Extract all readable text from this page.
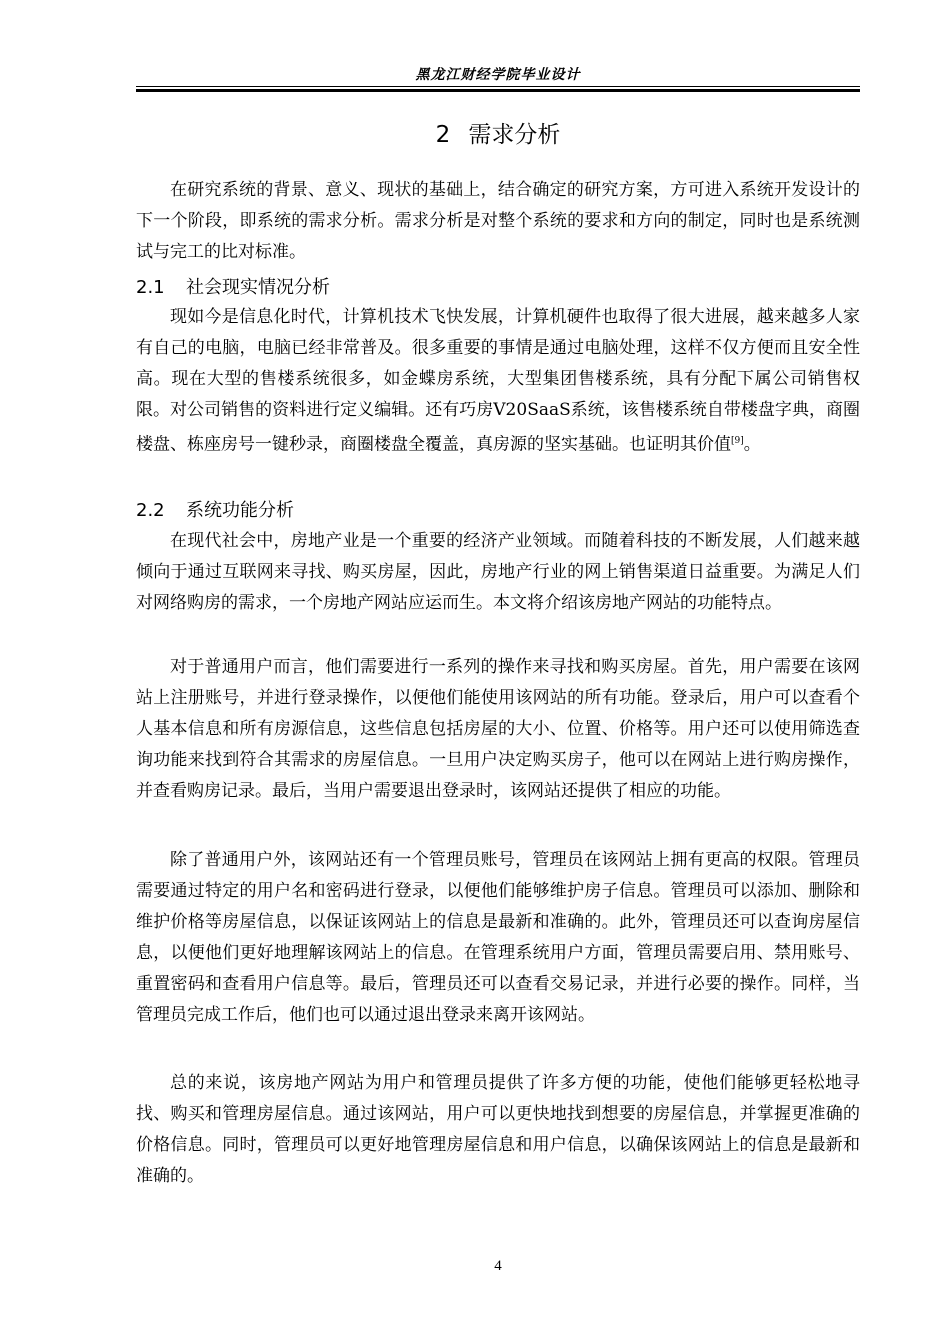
黑龙江财经学院毕业设计
2 需求分析

在研究系统的背景、意义、现状的基础上，结合确定的研究方案，方可进入系统开发设计的下一个阶段，即系统的需求分析。需求分析是对整个系统的要求和方向的制定，同时也是系统测试与完工的比对标准。

2.1 社会现实情况分析

现如今是信息化时代，计算机技术飞快发展，计算机硬件也取得了很大进展，越来越多人家有自己的电脑，电脑已经非常普及。很多重要的事情是通过电脑处理，这样不仅方便而且安全性高。现在大型的售楼系统很多，如金蝶房系统，大型集团售楼系统，具有分配下属公司销售权限。对公司销售的资料进行定义编辑。还有巧房V20SaaS系统，该售楼系统自带楼盘字典，商圈楼盘、栋座房号一键秒录，商圈楼盘全覆盖，真房源的坚实基础。也证明其价值[9]。

2.2 系统功能分析

在现代社会中，房地产业是一个重要的经济产业领域。而随着科技的不断发展，人们越来越倾向于通过互联网来寻找、购买房屋，因此，房地产行业的网上销售渠道日益重要。为满足人们对网络购房的需求，一个房地产网站应运而生。本文将介绍该房地产网站的功能特点。

对于普通用户而言，他们需要进行一系列的操作来寻找和购买房屋。首先，用户需要在该网站上注册账号，并进行登录操作，以便他们能使用该网站的所有功能。登录后，用户可以查看个人基本信息和所有房源信息，这些信息包括房屋的大小、位置、价格等。用户还可以使用筛选查询功能来找到符合其需求的房屋信息。一旦用户决定购买房子，他可以在网站上进行购房操作，并查看购房记录。最后，当用户需要退出登录时，该网站还提供了相应的功能。

除了普通用户外，该网站还有一个管理员账号，管理员在该网站上拥有更高的权限。管理员需要通过特定的用户名和密码进行登录，以便他们能够维护房子信息。管理员可以添加、删除和维护价格等房屋信息，以保证该网站上的信息是最新和准确的。此外，管理员还可以查询房屋信息，以便他们更好地理解该网站上的信息。在管理系统用户方面，管理员需要启用、禁用账号、重置密码和查看用户信息等。最后，管理员还可以查看交易记录，并进行必要的操作。同样，当管理员完成工作后，他们也可以通过退出登录来离开该网站。

总的来说，该房地产网站为用户和管理员提供了许多方便的功能，使他们能够更轻松地寻找、购买和管理房屋信息。通过该网站，用户可以更快地找到想要的房屋信息，并掌握更准确的价格信息。同时，管理员可以更好地管理房屋信息和用户信息，以确保该网站上的信息是最新和准确的。

4
